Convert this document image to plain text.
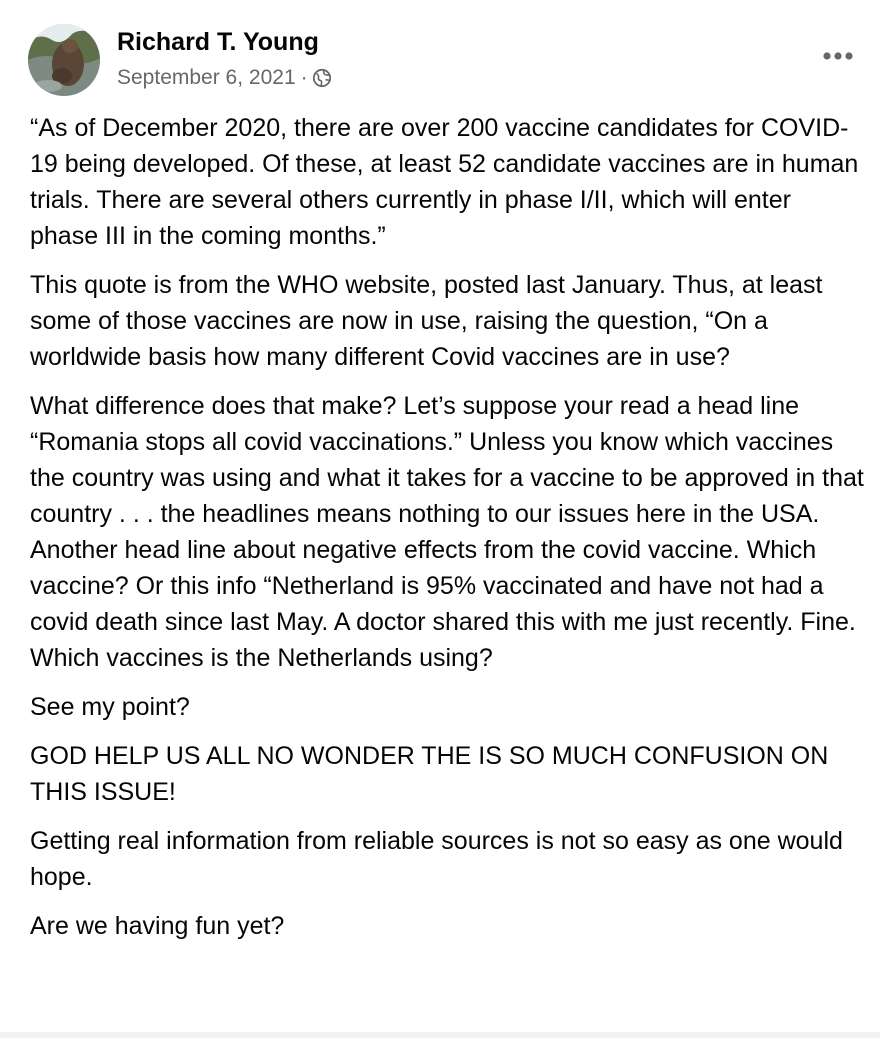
Richard T. Young
September 6, 2021 ·

“As of December 2020, there are over 200 vaccine candidates for COVID-19 being developed. Of these, at least 52 candidate vaccines are in human trials. There are several others currently in phase I/II, which will enter phase III in the coming months.”

This quote is from the WHO website, posted last January. Thus, at least some of those vaccines are now in use, raising the question, “On a worldwide basis how many different Covid vaccines are in use?

What difference does that make? Let’s suppose your read a head line “Romania stops all covid vaccinations.” Unless you know which vaccines the country was using and what it takes for a vaccine to be approved in that country . . . the headlines means nothing to our issues here in the USA. Another head line about negative effects from the covid vaccine. Which vaccine? Or this info “Netherland is 95% vaccinated and have not had a covid death since last May. A doctor shared this with me just recently. Fine. Which vaccines is the Netherlands using?

See my point?

GOD HELP US ALL NO WONDER THE IS SO MUCH CONFUSION ON THIS ISSUE!

Getting real information from reliable sources is not so easy as one would hope.

Are we having fun yet?
